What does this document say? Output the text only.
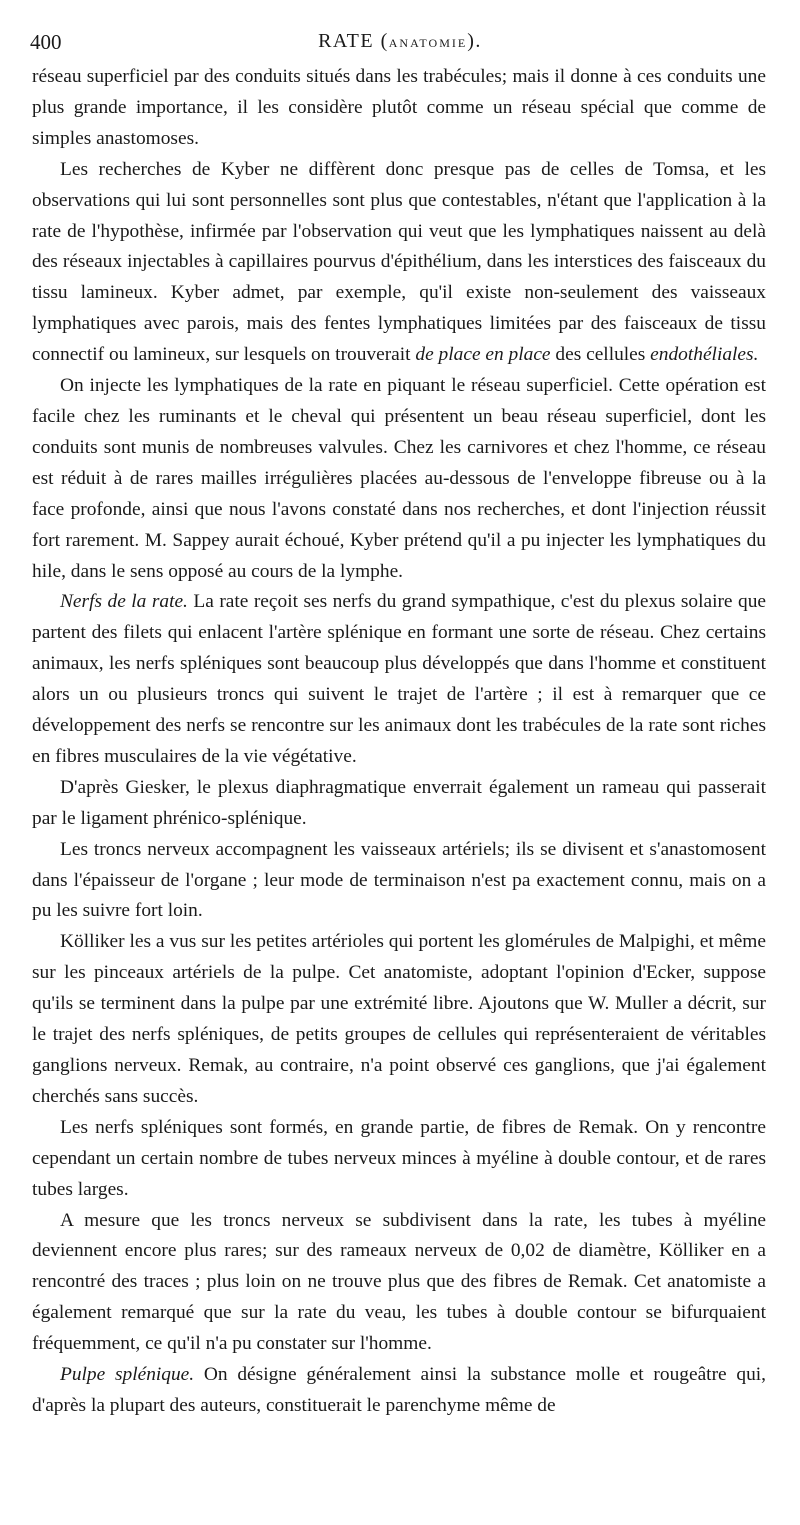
400	RATE (anatomie).

réseau superficiel par des conduits situés dans les trabécules; mais il donne à ces conduits une plus grande importance, il les considère plutôt comme un réseau spécial que comme de simples anastomoses.

Les recherches de Kyber ne diffèrent donc presque pas de celles de Tomsa, et les observations qui lui sont personnelles sont plus que contestables, n'étant que l'application à la rate de l'hypothèse, infirmée par l'observation qui veut que les lymphatiques naissent au delà des réseaux injectables à capillaires pourvus d'épithélium, dans les interstices des faisceaux du tissu lamineux. Kyber admet, par exemple, qu'il existe non-seulement des vaisseaux lymphatiques avec parois, mais des fentes lymphatiques limitées par des faisceaux de tissu connectif ou lamineux, sur lesquels on trouverait de place en place des cellules endothéliales.

On injecte les lymphatiques de la rate en piquant le réseau superficiel. Cette opération est facile chez les ruminants et le cheval qui présentent un beau réseau superficiel, dont les conduits sont munis de nombreuses valvules. Chez les carnivores et chez l'homme, ce réseau est réduit à de rares mailles irrégulières placées au-dessous de l'enveloppe fibreuse ou à la face profonde, ainsi que nous l'avons constaté dans nos recherches, et dont l'injection réussit fort rarement. M. Sappey aurait échoué, Kyber prétend qu'il a pu injecter les lymphatiques du hile, dans le sens opposé au cours de la lymphe.

Nerfs de la rate. La rate reçoit ses nerfs du grand sympathique, c'est du plexus solaire que partent des filets qui enlacent l'artère splénique en formant une sorte de réseau. Chez certains animaux, les nerfs spléniques sont beaucoup plus développés que dans l'homme et constituent alors un ou plusieurs troncs qui suivent le trajet de l'artère ; il est à remarquer que ce développement des nerfs se rencontre sur les animaux dont les trabécules de la rate sont riches en fibres musculaires de la vie végétative.

D'après Giesker, le plexus diaphragmatique enverrait également un rameau qui passerait par le ligament phrénico-splénique.

Les troncs nerveux accompagnent les vaisseaux artériels; ils se divisent et s'anastomosent dans l'épaisseur de l'organe ; leur mode de terminaison n'est pa exactement connu, mais on a pu les suivre fort loin.

Kölliker les a vus sur les petites artérioles qui portent les glomérules de Malpighi, et même sur les pinceaux artériels de la pulpe. Cet anatomiste, adoptant l'opinion d'Ecker, suppose qu'ils se terminent dans la pulpe par une extrémité libre. Ajoutons que W. Muller a décrit, sur le trajet des nerfs spléniques, de petits groupes de cellules qui représenteraient de véritables ganglions nerveux. Remak, au contraire, n'a point observé ces ganglions, que j'ai également cherchés sans succès.

Les nerfs spléniques sont formés, en grande partie, de fibres de Remak. On y rencontre cependant un certain nombre de tubes nerveux minces à myéline à double contour, et de rares tubes larges.

A mesure que les troncs nerveux se subdivisent dans la rate, les tubes à myéline deviennent encore plus rares; sur des rameaux nerveux de 0,02 de diamètre, Kölliker en a rencontré des traces ; plus loin on ne trouve plus que des fibres de Remak. Cet anatomiste a également remarqué que sur la rate du veau, les tubes à double contour se bifurquaient fréquemment, ce qu'il n'a pu constater sur l'homme.

Pulpe splénique. On désigne généralement ainsi la substance molle et rougeâtre qui, d'après la plupart des auteurs, constituerait le parenchyme même de
